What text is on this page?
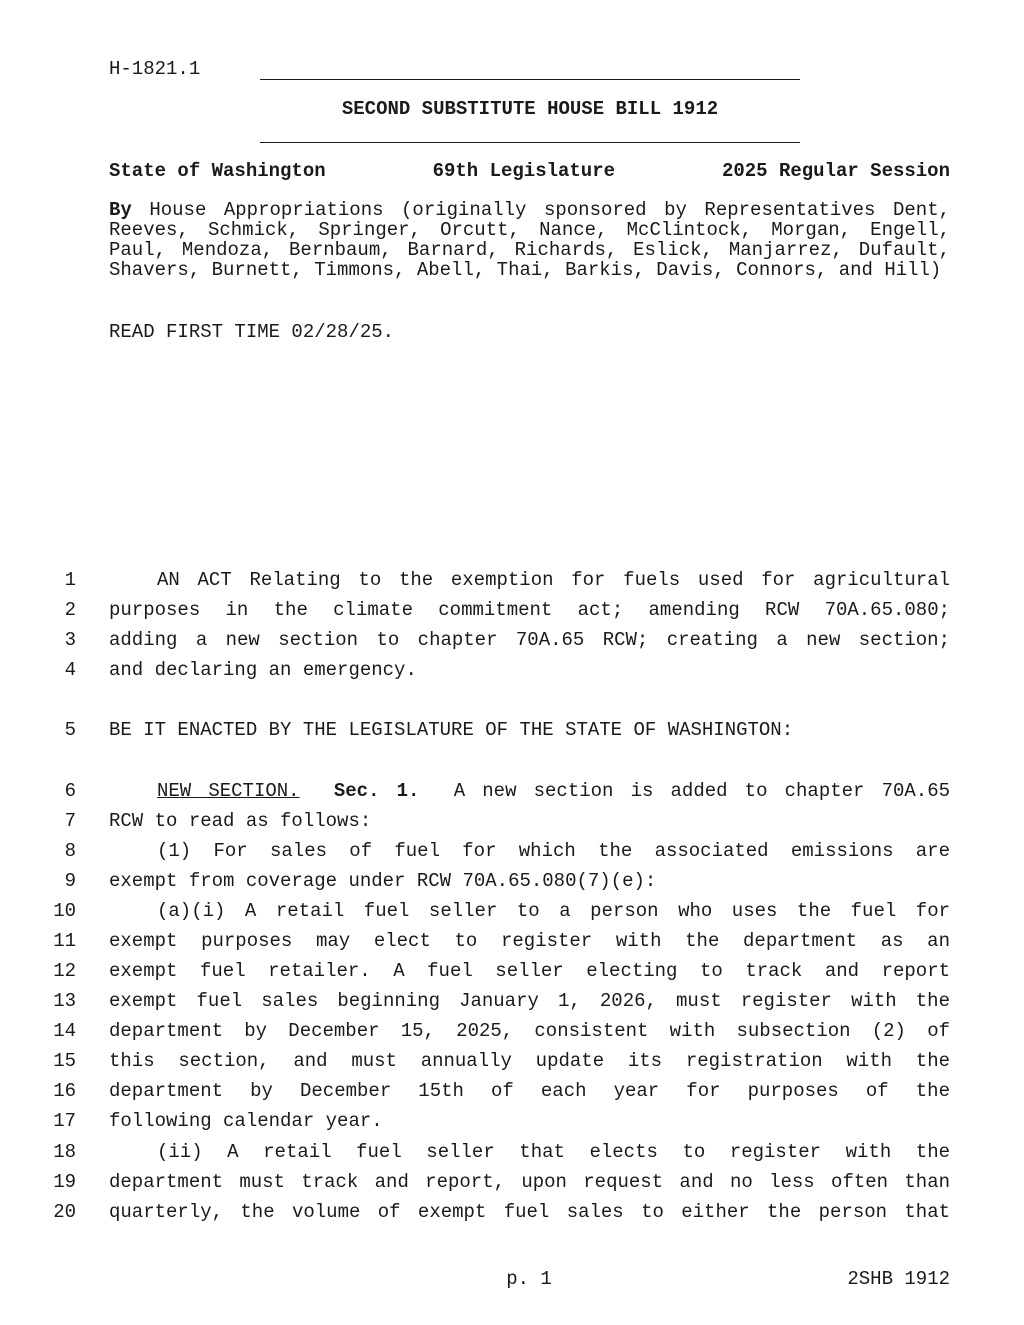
H-1821.1
SECOND SUBSTITUTE HOUSE BILL 1912
State of Washington	69th Legislature	2025 Regular Session
By House Appropriations (originally sponsored by Representatives Dent, Reeves, Schmick, Springer, Orcutt, Nance, McClintock, Morgan, Engell, Paul, Mendoza, Bernbaum, Barnard, Richards, Eslick, Manjarrez, Dufault, Shavers, Burnett, Timmons, Abell, Thai, Barkis, Davis, Connors, and Hill)
READ FIRST TIME 02/28/25.
1	AN ACT Relating to the exemption for fuels used for agricultural
2 purposes in the climate commitment act; amending RCW 70A.65.080;
3 adding a new section to chapter 70A.65 RCW; creating a new section;
4 and declaring an emergency.
5 BE IT ENACTED BY THE LEGISLATURE OF THE STATE OF WASHINGTON:
6	NEW SECTION. Sec. 1. A new section is added to chapter 70A.65
7 RCW to read as follows:
8	(1) For sales of fuel for which the associated emissions are
9 exempt from coverage under RCW 70A.65.080(7)(e):
10	(a)(i) A retail fuel seller to a person who uses the fuel for
11 exempt purposes may elect to register with the department as an
12 exempt fuel retailer. A fuel seller electing to track and report
13 exempt fuel sales beginning January 1, 2026, must register with the
14 department by December 15, 2025, consistent with subsection (2) of
15 this section, and must annually update its registration with the
16 department by December 15th of each year for purposes of the
17 following calendar year.
18	(ii) A retail fuel seller that elects to register with the
19 department must track and report, upon request and no less often than
20 quarterly, the volume of exempt fuel sales to either the person that
p. 1	2SHB 1912
